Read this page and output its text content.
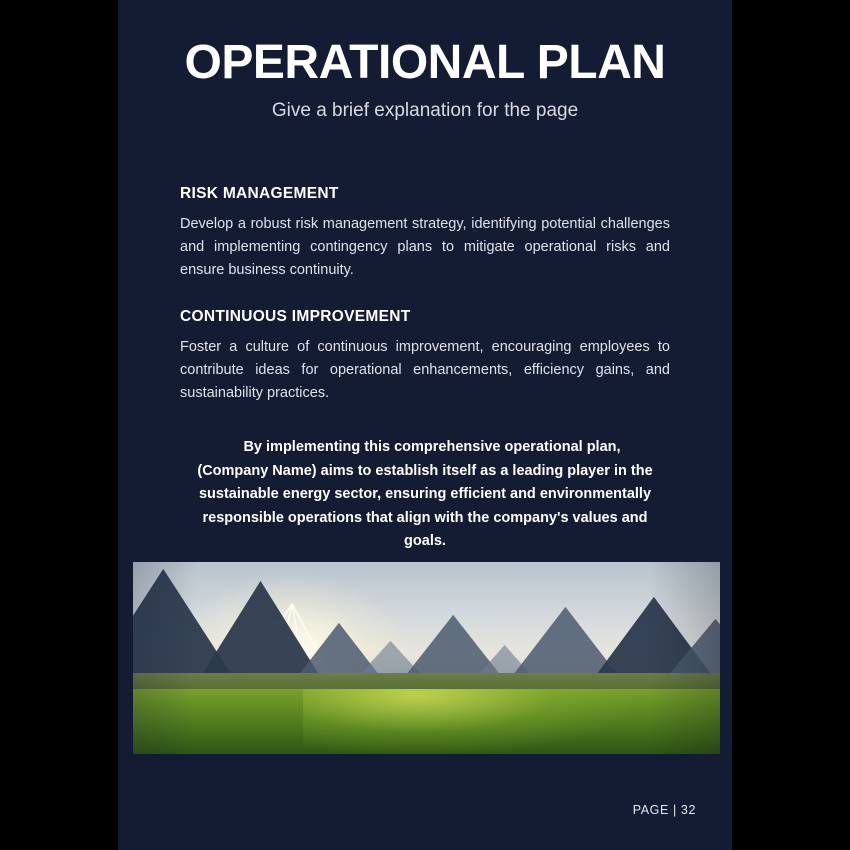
OPERATIONAL PLAN

Give a brief explanation for the page

RISK MANAGEMENT

Develop a robust risk management strategy, identifying potential challenges and implementing contingency plans to mitigate operational risks and ensure business continuity.

CONTINUOUS IMPROVEMENT

Foster a culture of continuous improvement, encouraging employees to contribute ideas for operational enhancements, efficiency gains, and sustainability practices.

By implementing this comprehensive operational plan, (Company Name) aims to establish itself as a leading player in the sustainable energy sector, ensuring efficient and environmentally responsible operations that align with the company's values and goals.

PAGE | 32
